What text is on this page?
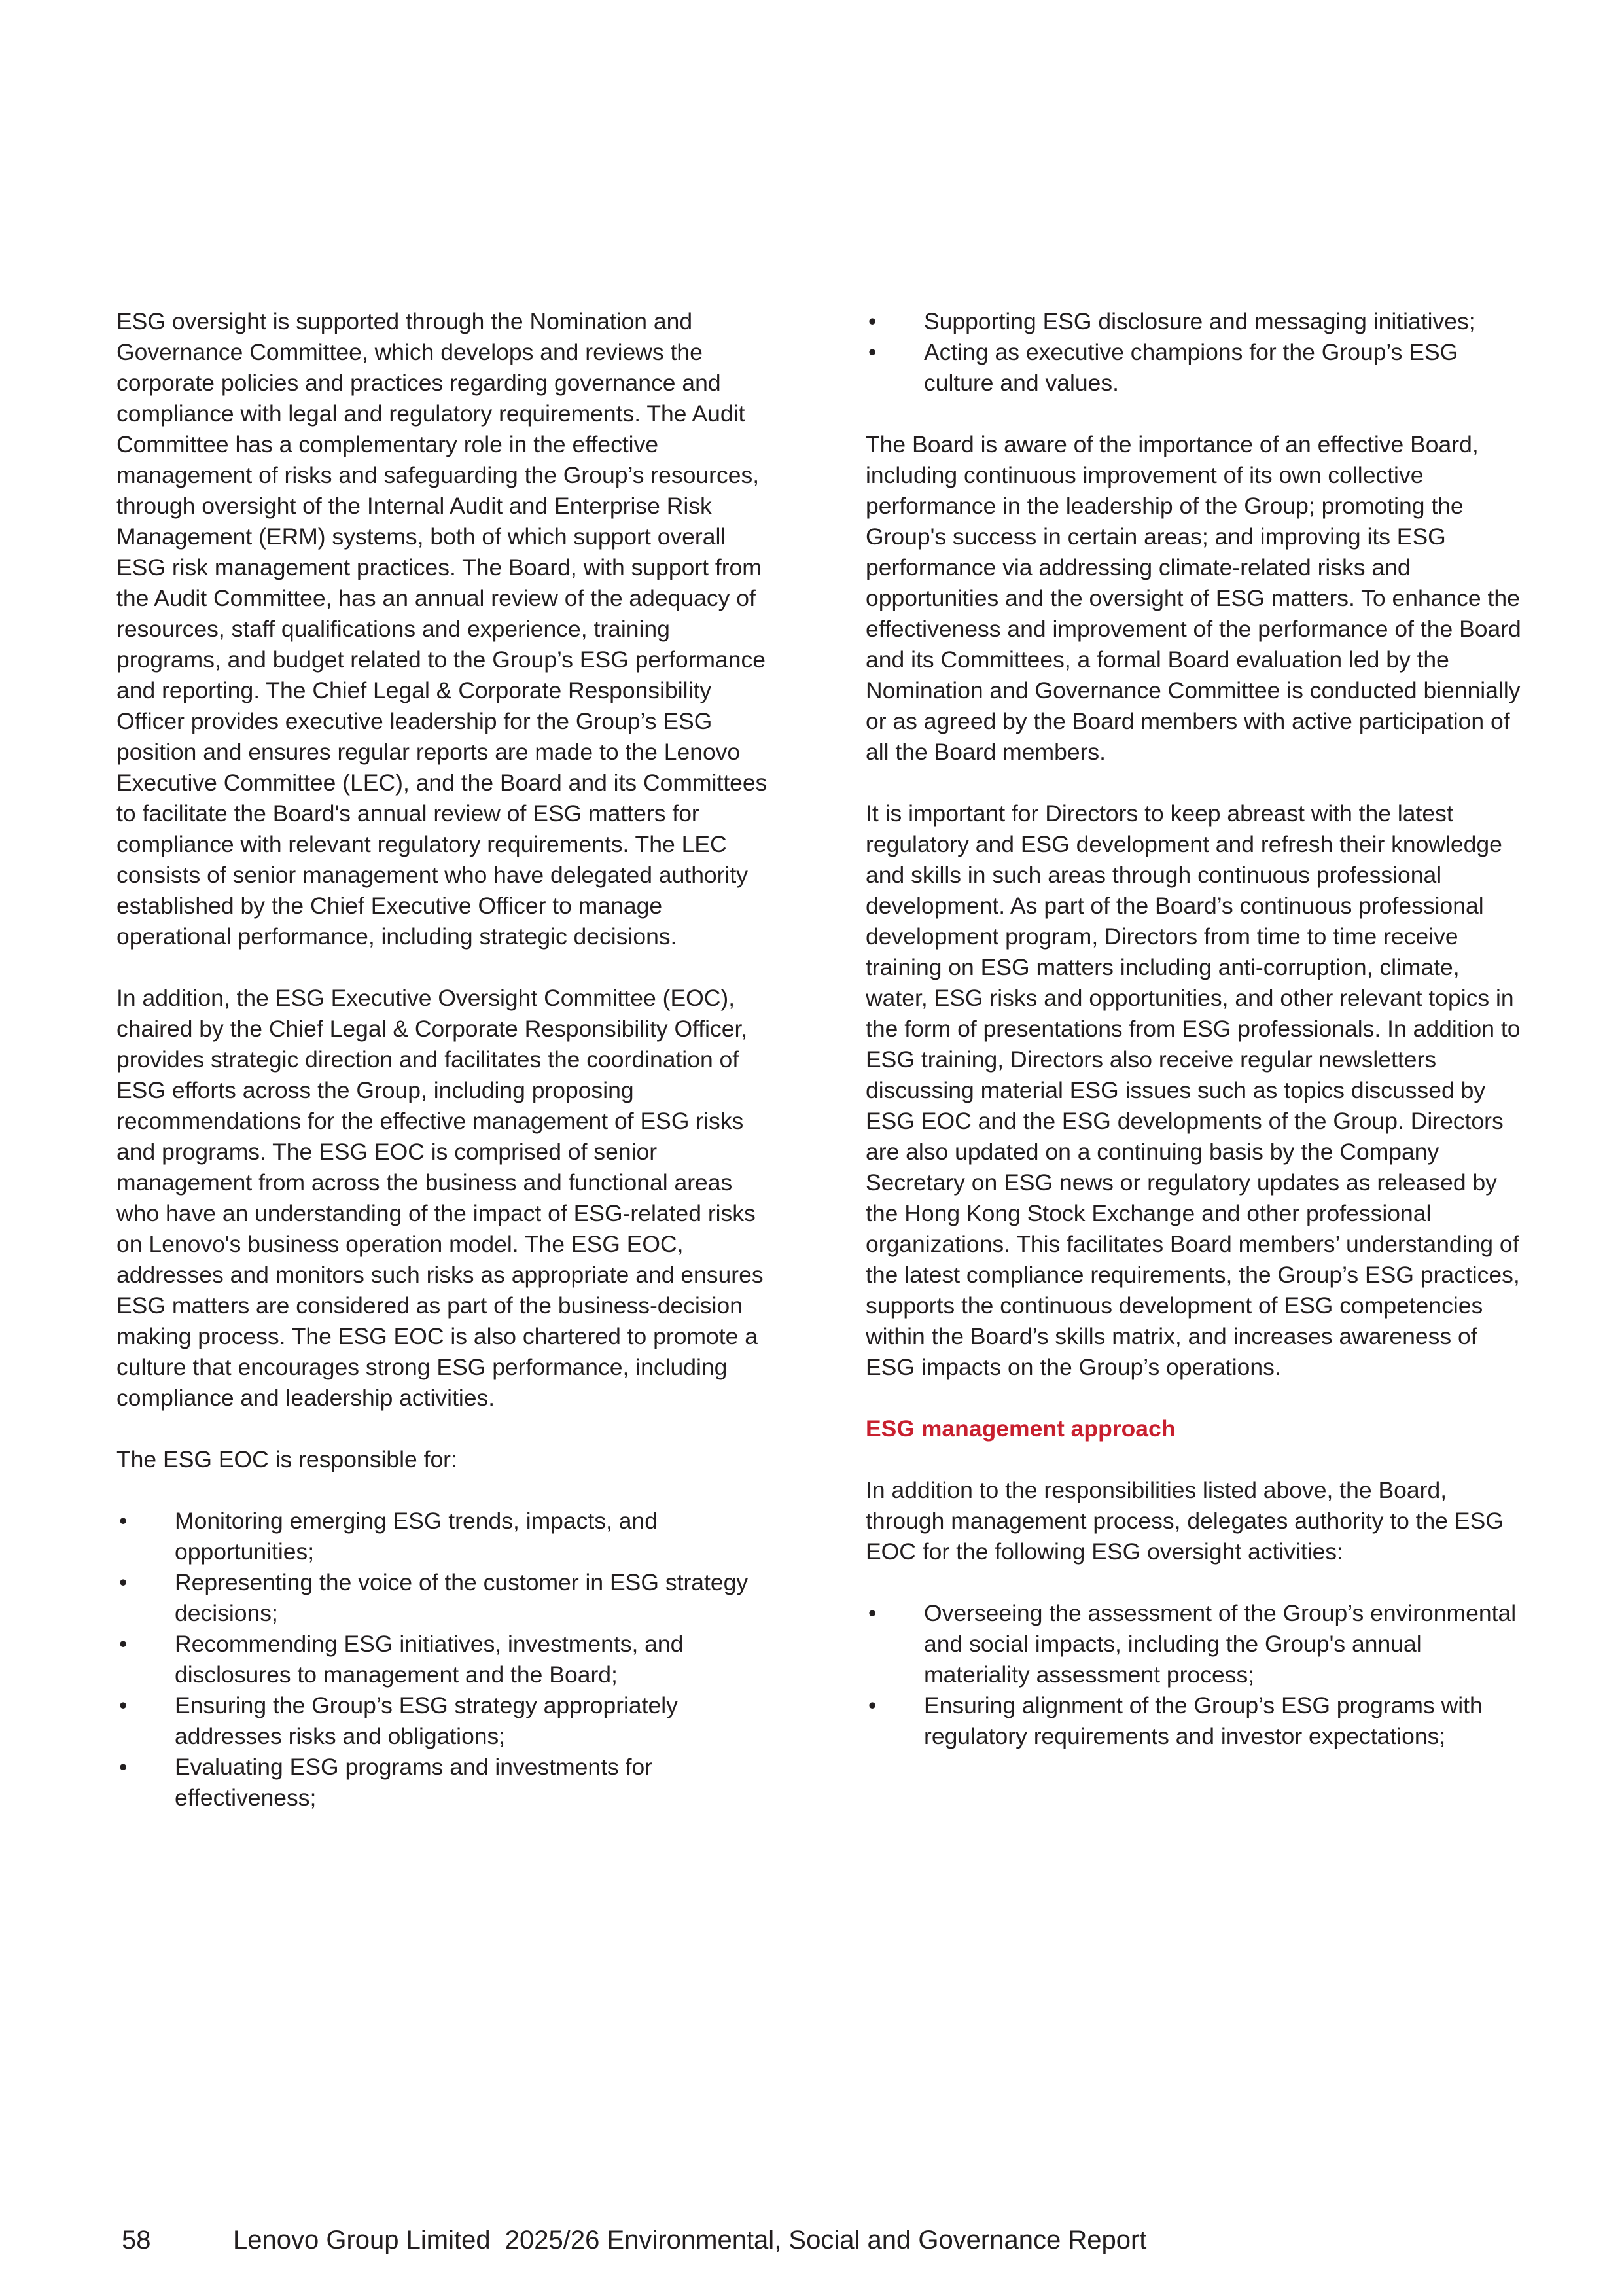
ESG oversight is supported through the Nomination and Governance Committee, which develops and reviews the corporate policies and practices regarding governance and compliance with legal and regulatory requirements. The Audit Committee has a complementary role in the effective management of risks and safeguarding the Group’s resources, through oversight of the Internal Audit and Enterprise Risk Management (ERM) systems, both of which support overall ESG risk management practices. The Board, with support from the Audit Committee, has an annual review of the adequacy of resources, staff qualifications and experience, training programs, and budget related to the Group’s ESG performance and reporting. The Chief Legal & Corporate Responsibility Officer provides executive leadership for the Group’s ESG position and ensures regular reports are made to the Lenovo Executive Committee (LEC), and the Board and its Committees to facilitate the Board's annual review of ESG matters for compliance with relevant regulatory requirements. The LEC consists of senior management who have delegated authority established by the Chief Executive Officer to manage operational performance, including strategic decisions.

In addition, the ESG Executive Oversight Committee (EOC), chaired by the Chief Legal & Corporate Responsibility Officer, provides strategic direction and facilitates the coordination of ESG efforts across the Group, including proposing recommendations for the effective management of ESG risks and programs. The ESG EOC is comprised of senior management from across the business and functional areas who have an understanding of the impact of ESG-related risks on Lenovo's business operation model. The ESG EOC, addresses and monitors such risks as appropriate and ensures ESG matters are considered as part of the business-decision making process. The ESG EOC is also chartered to promote a culture that encourages strong ESG performance, including compliance and leadership activities.

The ESG EOC is responsible for:

• Monitoring emerging ESG trends, impacts, and opportunities;
• Representing the voice of the customer in ESG strategy decisions;
• Recommending ESG initiatives, investments, and disclosures to management and the Board;
• Ensuring the Group’s ESG strategy appropriately addresses risks and obligations;
• Evaluating ESG programs and investments for effectiveness;
• Supporting ESG disclosure and messaging initiatives;
• Acting as executive champions for the Group’s ESG culture and values.

The Board is aware of the importance of an effective Board, including continuous improvement of its own collective performance in the leadership of the Group; promoting the Group's success in certain areas; and improving its ESG performance via addressing climate-related risks and opportunities and the oversight of ESG matters. To enhance the effectiveness and improvement of the performance of the Board and its Committees, a formal Board evaluation led by the Nomination and Governance Committee is conducted biennially or as agreed by the Board members with active participation of all the Board members.

It is important for Directors to keep abreast with the latest regulatory and ESG development and refresh their knowledge and skills in such areas through continuous professional development. As part of the Board’s continuous professional development program, Directors from time to time receive training on ESG matters including anti-corruption, climate, water, ESG risks and opportunities, and other relevant topics in the form of presentations from ESG professionals. In addition to ESG training, Directors also receive regular newsletters discussing material ESG issues such as topics discussed by ESG EOC and the ESG developments of the Group. Directors are also updated on a continuing basis by the Company Secretary on ESG news or regulatory updates as released by the Hong Kong Stock Exchange and other professional organizations. This facilitates Board members’ understanding of the latest compliance requirements, the Group’s ESG practices, supports the continuous development of ESG competencies within the Board’s skills matrix, and increases awareness of ESG impacts on the Group’s operations.

ESG management approach

In addition to the responsibilities listed above, the Board, through management process, delegates authority to the ESG EOC for the following ESG oversight activities:

• Overseeing the assessment of the Group’s environmental and social impacts, including the Group's annual materiality assessment process;
• Ensuring alignment of the Group’s ESG programs with regulatory requirements and investor expectations;
58	Lenovo Group Limited  2025/26 Environmental, Social and Governance Report
